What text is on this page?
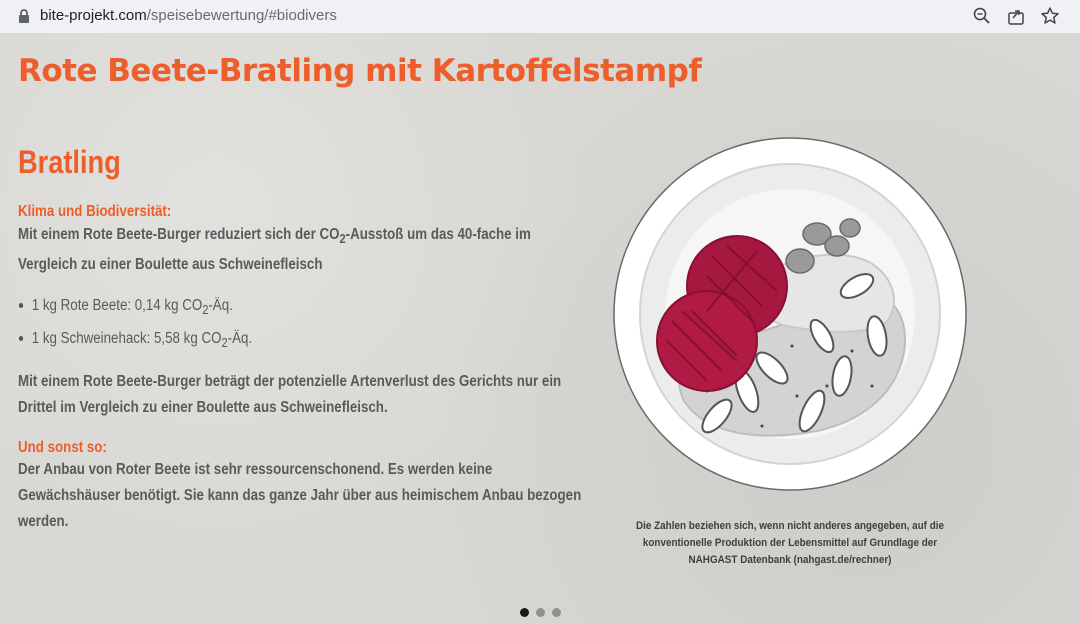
bite-projekt.com/speisebewertung/#biodivers
Rote Beete-Bratling mit Kartoffelstampf
Bratling
Klima und Biodiversität:

Mit einem Rote Beete-Burger reduziert sich der $CO_2$-Ausstoß um das 40-fache im Vergleich zu einer Boulette aus Schweinefleisch

1 kg Rote Beete: 0,14 kg $CO_2-Äq$.
1 kg Schweinehack: 5,58 kg $CO_2-Äq$.

Mit einem Rote Beete-Burger beträgt der potenzielle Artenverlust des Gerichts nur ein Drittel im Vergleich zu einer Boulette aus Schweinefleisch.

Und sonst so:

Der Anbau von Roter Beete ist sehr ressourcenschonend. Es werden keine Gewächshäuser benötigt. Sie kann das ganze Jahr über aus heimischem Anbau bezogen werden.	Die Zahlen beziehen sich, wenn nicht anderes angegeben, auf die konventionelle Produktion der Lebensmittel auf Grundlage der NAHGAST Datenbank (nahgast.de/rechner)
